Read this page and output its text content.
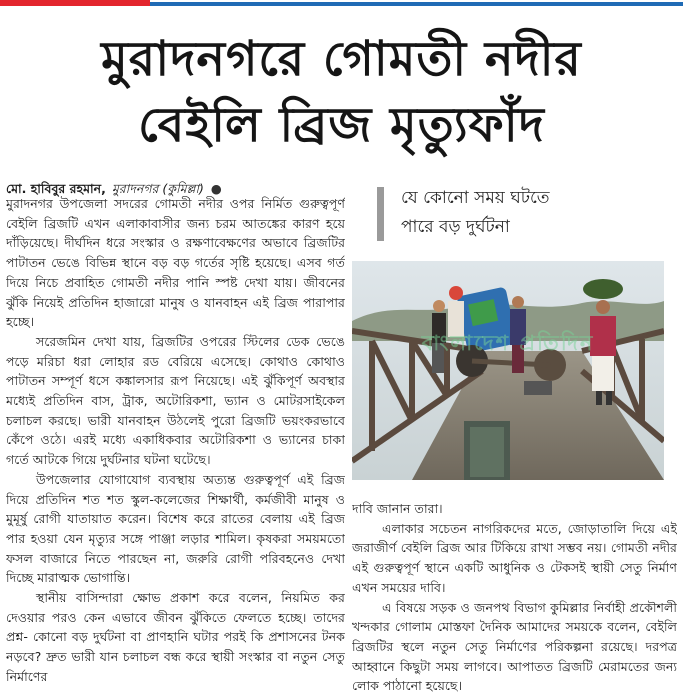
মুরাদনগরে গোমতী নদীর
বেইলি ব্রিজ মৃত্যুফাঁদ
মো. হাবিবুর রহমান, মুরাদনগর (কুমিল্লা) ●

মুরাদনগর উপজেলা সদরের গোমতী নদীর ওপর নির্মিত গুরুত্বপূর্ণ বেইলি ব্রিজটি এখন এলাকাবাসীর জন্য চরম আতঙ্কের কারণ হয়ে দাঁড়িয়েছে। দীর্ঘদিন ধরে সংস্কার ও রক্ষণাবেক্ষণের অভাবে ব্রিজটির পাটাতন ভেঙে বিভিন্ন স্থানে বড় বড় গর্তের সৃষ্টি হয়েছে। এসব গর্ত দিয়ে নিচে প্রবাহিত গোমতী নদীর পানি স্পষ্ট দেখা যায়। জীবনের ঝুঁকি নিয়েই প্রতিদিন হাজারো মানুষ ও যানবাহন এই ব্রিজ পারাপার হচ্ছে।

সরেজমিন দেখা যায়, ব্রিজটির ওপরের স্টিলের ডেক ভেঙে পড়ে মরিচা ধরা লোহার রড বেরিয়ে এসেছে। কোথাও কোথাও পাটাতন সম্পূর্ণ ধসে কঙ্কালসার রূপ নিয়েছে। এই ঝুঁকিপূর্ণ অবস্থার মধ্যেই প্রতিদিন বাস, ট্রাক, অটোরিকশা, ভ্যান ও মোটরসাইকেল চলাচল করছে। ভারী যানবাহন উঠলেই পুরো ব্রিজটি ভয়ংকরভাবে কেঁপে ওঠে। এরই মধ্যে একাধিকবার অটোরিকশা ও ভ্যানের চাকা গর্তে আটকে গিয়ে দুর্ঘটনার ঘটনা ঘটেছে।

উপজেলার যোগাযোগ ব্যবস্থায় অত্যন্ত গুরুত্বপূর্ণ এই ব্রিজ দিয়ে প্রতিদিন শত শত স্কুল-কলেজের শিক্ষার্থী, কর্মজীবী মানুষ ও মুমূর্ষু রোগী যাতায়াত করেন। বিশেষ করে রাতের বেলায় এই ব্রিজ পার হওয়া যেন মৃত্যুর সঙ্গে পাঞ্জা লড়ার শামিল। কৃষকরা সময়মতো ফসল বাজারে নিতে পারছেন না, জরুরি রোগী পরিবহনেও দেখা দিচ্ছে মারাত্মক ভোগান্তি।

স্থানীয় বাসিন্দারা ক্ষোভ প্রকাশ করে বলেন, নিয়মিত কর দেওয়ার পরও কেন এভাবে জীবন ঝুঁকিতে ফেলতে হচ্ছে। তাদের প্রশ্ন- কোনো বড় দুর্ঘটনা বা প্রাণহানি ঘটার পরই কি প্রশাসনের টনক নড়বে? দ্রুত ভারী যান চলাচল বন্ধ করে স্থায়ী সংস্কার বা নতুন সেতু নির্মাণের

যে কোনো সময় ঘটতে
পারে বড় দুর্ঘটনা
বাংলাদেশ প্রতিদিন

দাবি জানান তারা।

এলাকার সচেতন নাগরিকদের মতে, জোড়াতালি দিয়ে এই জরাজীর্ণ বেইলি ব্রিজ আর টিকিয়ে রাখা সম্ভব নয়। গোমতী নদীর এই গুরুত্বপূর্ণ স্থানে একটি আধুনিক ও টেকসই স্থায়ী সেতু নির্মাণ এখন সময়ের দাবি।

এ বিষয়ে সড়ক ও জনপথ বিভাগ কুমিল্লার নির্বাহী প্রকৌশলী খন্দকার গোলাম মোস্তফা দৈনিক আমাদের সময়কে বলেন, বেইলি ব্রিজটির স্থলে নতুন সেতু নির্মাণের পরিকল্পনা রয়েছে। দরপত্র আহ্বানে কিছুটা সময় লাগবে। আপাতত ব্রিজটি মেরামতের জন্য লোক পাঠানো হয়েছে।
